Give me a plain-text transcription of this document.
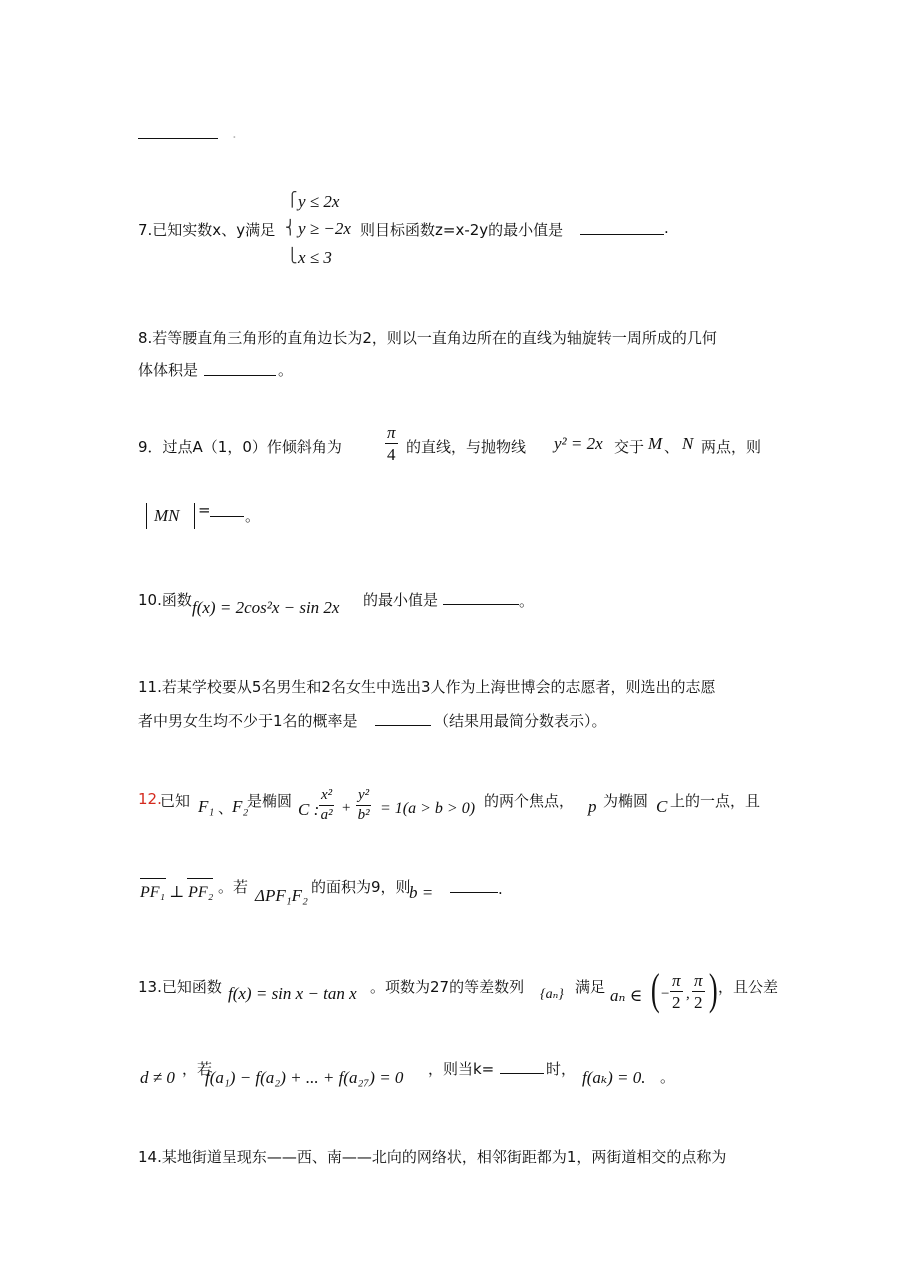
.
7.已知实数x、y满足
⎧
⎨
⎩
y ≤ 2x
y ≥ −2x
x ≤ 3
则目标函数z=x-2y的最小值是	.
8.若等腰直角三角形的直角边长为2，则以一直角边所在的直线为轴旋转一周所成的几何
体体积是	。
9．过点A（1，0）作倾斜角为	$\frac{\pi}{4}$ 的直线，与抛物线 y² = 2x 交于 M 、 N 两点，则
MN = 。
10.函数 f(x) = 2cos²x − sin 2x 的最小值是	。
11.若某学校要从5名男生和2名女生中选出3人作为上海世博会的志愿者，则选出的志愿
者中男女生均不少于1名的概率是	（结果用最简分数表示）。
12.
已知 F₁ 、
F₂
是椭圆 C : $\frac{\text{x²}}{\text{a²}} + \frac{\text{y²}}{\text{b²}} = 1(a > b > 0)$ 的两个焦点， p 为椭圆 C 上的一点，且
PF₁ ⊥ PF₂ 。若 ΔPF₁F₂ 的面积为9，则
b =	.
13.已知函数 f(x) = sin x − tan x 。项数为27的等差数列 {aₙ} 满足 aₙ ∈ ( − $\frac{\pi}{2}$ , $\frac{\pi}{2}$ ) ，且公差
d ≠ 0 ，若
f(a₁) − f(a₂) + ... + f(a₂₇) = 0 ，则当k=	时， f(aₖ) = 0. 。
14.某地街道呈现东——西、南——北向的网络状，相邻街距都为1，两街道相交的点称为
